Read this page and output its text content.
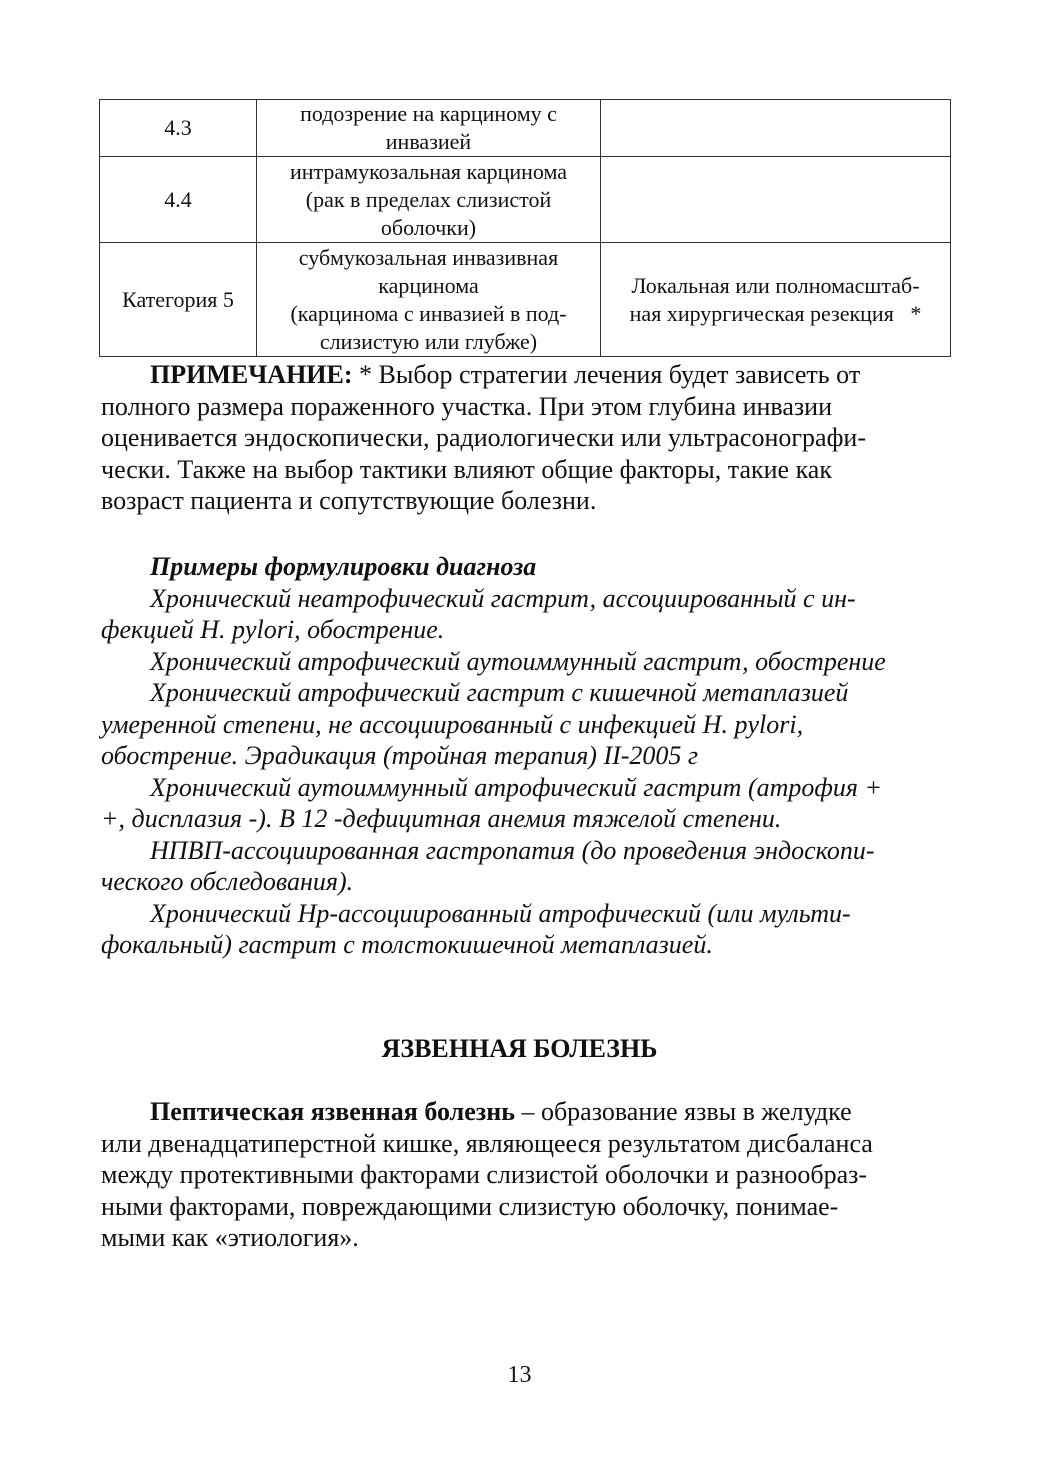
4.3	подозрение на карциному с
инвазией	

4.4	интрамукозальная карцинома
(рак в пределах слизистой
оболочки)	

Категория 5	субмукозальная инвазивная
карцинома
(карцинома с инвазией в под-
слизистую или глубже)	Локальная или полномасштаб-
ная хирургическая резекция   *
ПРИМЕЧАНИЕ: * Выбор стратегии лечения будет зависеть от
полного размера пораженного участка. При этом глубина инвазии
оценивается эндоскопически, радиологически или ультрасонографи-
чески. Также на выбор тактики влияют общие факторы, такие как
возраст пациента и сопутствующие болезни.
Примеры формулировки диагноза
Хронический неатрофический гастрит, ассоциированный с ин-
фекцией H. pylori, обострение.
Хронический атрофический аутоиммунный гастрит, обострение
Хронический атрофический гастрит с кишечной метаплазией
умеренной степени, не ассоциированный с инфекцией H. pylori,
обострение. Эрадикация (тройная терапия) II-2005 г
Хронический аутоиммунный атрофический гастрит (атрофия +
+, дисплазия -). В 12 -дефицитная анемия тяжелой степени.
НПВП-ассоциированная гастропатия (до проведения эндоскопи-
ческого обследования).
Хронический Нр-ассоциированный атрофический (или мульти-
фокальный) гастрит с толстокишечной метаплазией.
ЯЗВЕННАЯ БОЛЕЗНЬ
Пептическая язвенная болезнь – образование язвы в желудке
или двенадцатиперстной кишке, являющееся результатом дисбаланса
между протективными факторами слизистой оболочки и разнообраз-
ными факторами, повреждающими слизистую оболочку, понимае-
мыми как «этиология».
13
